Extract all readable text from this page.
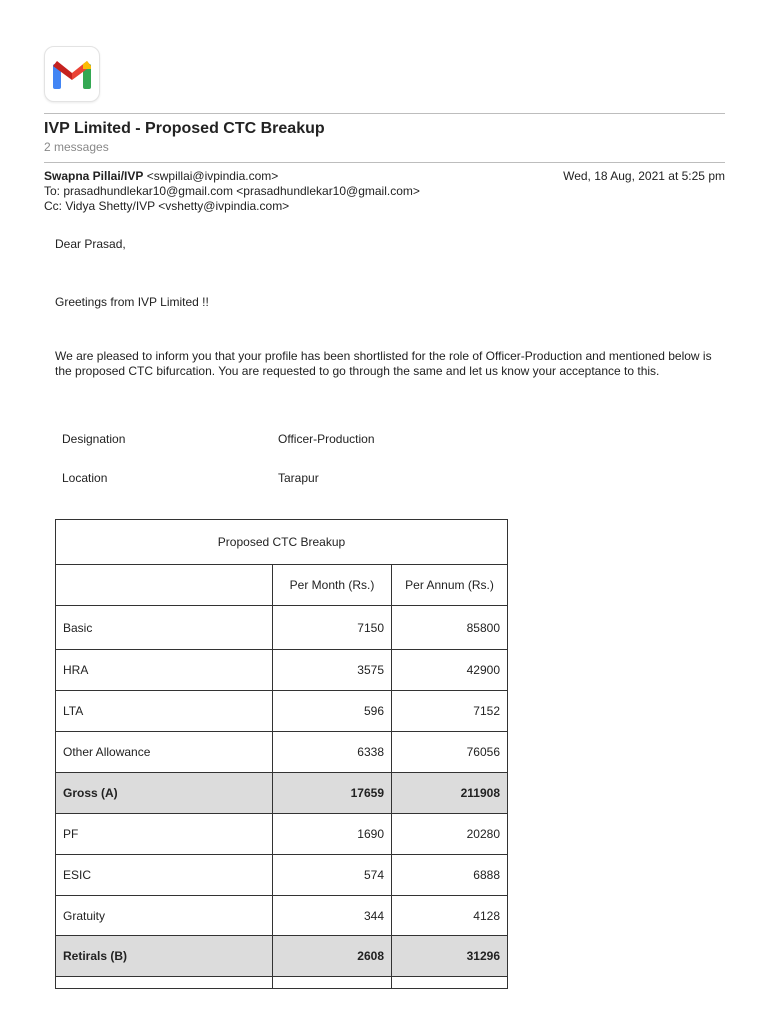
IVP Limited - Proposed CTC Breakup
2 messages
Swapna Pillai/IVP <swpillai@ivpindia.com>	Wed, 18 Aug, 2021 at 5:25 pm
To: prasadhundlekar10@gmail.com <prasadhundlekar10@gmail.com>
Cc: Vidya Shetty/IVP <vshetty@ivpindia.com>
Dear Prasad,
Greetings from IVP Limited !!
We are pleased to inform you that your profile has been shortlisted for the role of Officer-Production and mentioned below is the proposed CTC bifurcation. You are requested to go through the same and let us know your acceptance to this.
Designation	Officer-Production
Location	Tarapur
Proposed CTC Breakup		
	Per Month (Rs.)	Per Annum (Rs.)
Basic	7150	85800
HRA	3575	42900
LTA	596	7152
Other Allowance	6338	76056
Gross (A)	17659	211908
PF	1690	20280
ESIC	574	6888
Gratuity	344	4128
Retirals (B)	2608	31296
